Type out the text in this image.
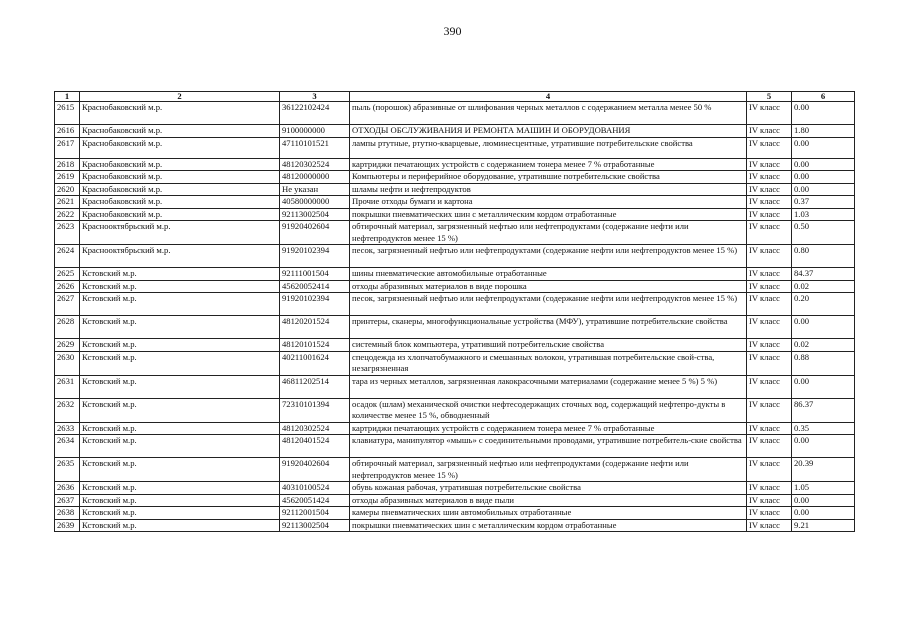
390
1	2	3	4	5	6
2615	Краснобаковский м.р.	36122102424	пыль (порошок) абразивные от шлифования черных металлов с содержанием металла менее 50 %	IV класс	0.00
2616	Краснобаковский м.р.	9100000000	ОТХОДЫ ОБСЛУЖИВАНИЯ И РЕМОНТА МАШИН И ОБОРУДОВАНИЯ	IV класс	1.80
2617	Краснобаковский м.р.	47110101521	лампы ртутные, ртутно-кварцевые, люминесцентные, утратившие потребительские свойства	IV класс	0.00
2618	Краснобаковский м.р.	48120302524	картриджи печатающих устройств с содержанием тонера менее 7 % отработанные	IV класс	0.00
2619	Краснобаковский м.р.	48120000000	Компьютеры и периферийное оборудование, утратившие потребительские свойства	IV класс	0.00
2620	Краснобаковский м.р.	Не указан	шламы нефти и нефтепродуктов	IV класс	0.00
2621	Краснобаковский м.р.	40580000000	Прочие отходы бумаги и картона	IV класс	0.37
2622	Краснобаковский м.р.	92113002504	покрышки пневматических шин с металлическим кордом отработанные	IV класс	1.03
2623	Краснооктябрьский м.р.	91920402604	обтирочный материал, загрязненный нефтью или нефтепродуктами (содержание нефти или нефтепродуктов менее 15 %)	IV класс	0.50
2624	Краснооктябрьский м.р.	91920102394	песок, загрязненный нефтью или нефтепродуктами (содержание нефти или нефтепродуктов менее 15 %)	IV класс	0.80
2625	Кстовский м.р.	92111001504	шины пневматические автомобильные отработанные	IV класс	84.37
2626	Кстовский м.р.	45620052414	отходы абразивных материалов в виде порошка	IV класс	0.02
2627	Кстовский м.р.	91920102394	песок, загрязненный нефтью или нефтепродуктами (содержание нефти или нефтепродуктов менее 15 %)	IV класс	0.20
2628	Кстовский м.р.	48120201524	принтеры, сканеры, многофункциональные устройства (МФУ), утратившие потребительские свойства	IV класс	0.00
2629	Кстовский м.р.	48120101524	системный блок компьютера, утративший потребительские свойства	IV класс	0.02
2630	Кстовский м.р.	40211001624	спецодежда из хлопчатобумажного и смешанных волокон, утратившая потребительские свой-ства, незагрязненная	IV класс	0.88
2631	Кстовский м.р.	46811202514	тара из черных металлов, загрязненная лакокрасочными материалами (содержание менее 5 %) 5 %)	IV класс	0.00
2632	Кстовский м.р.	72310101394	осадок (шлам) механической очистки нефтесодержащих сточных вод, содержащий нефтепро-дукты в количестве менее 15 %, обводненный	IV класс	86.37
2633	Кстовский м.р.	48120302524	картриджи печатающих устройств с содержанием тонера менее 7 % отработанные	IV класс	0.35
2634	Кстовский м.р.	48120401524	клавиатура, манипулятор «мышь» с соединительными проводами, утратившие потребитель-ские свойства	IV класс	0.00
2635	Кстовский м.р.	91920402604	обтирочный материал, загрязненный нефтью или нефтепродуктами (содержание нефти или нефтепродуктов менее 15 %)	IV класс	20.39
2636	Кстовский м.р.	40310100524	обувь кожаная рабочая, утратившая потребительские свойства	IV класс	1.05
2637	Кстовский м.р.	45620051424	отходы абразивных материалов в виде пыли	IV класс	0.00
2638	Кстовский м.р.	92112001504	камеры пневматических шин автомобильных отработанные	IV класс	0.00
2639	Кстовский м.р.	92113002504	покрышки пневматических шин с металлическим кордом отработанные	IV класс	9.21
